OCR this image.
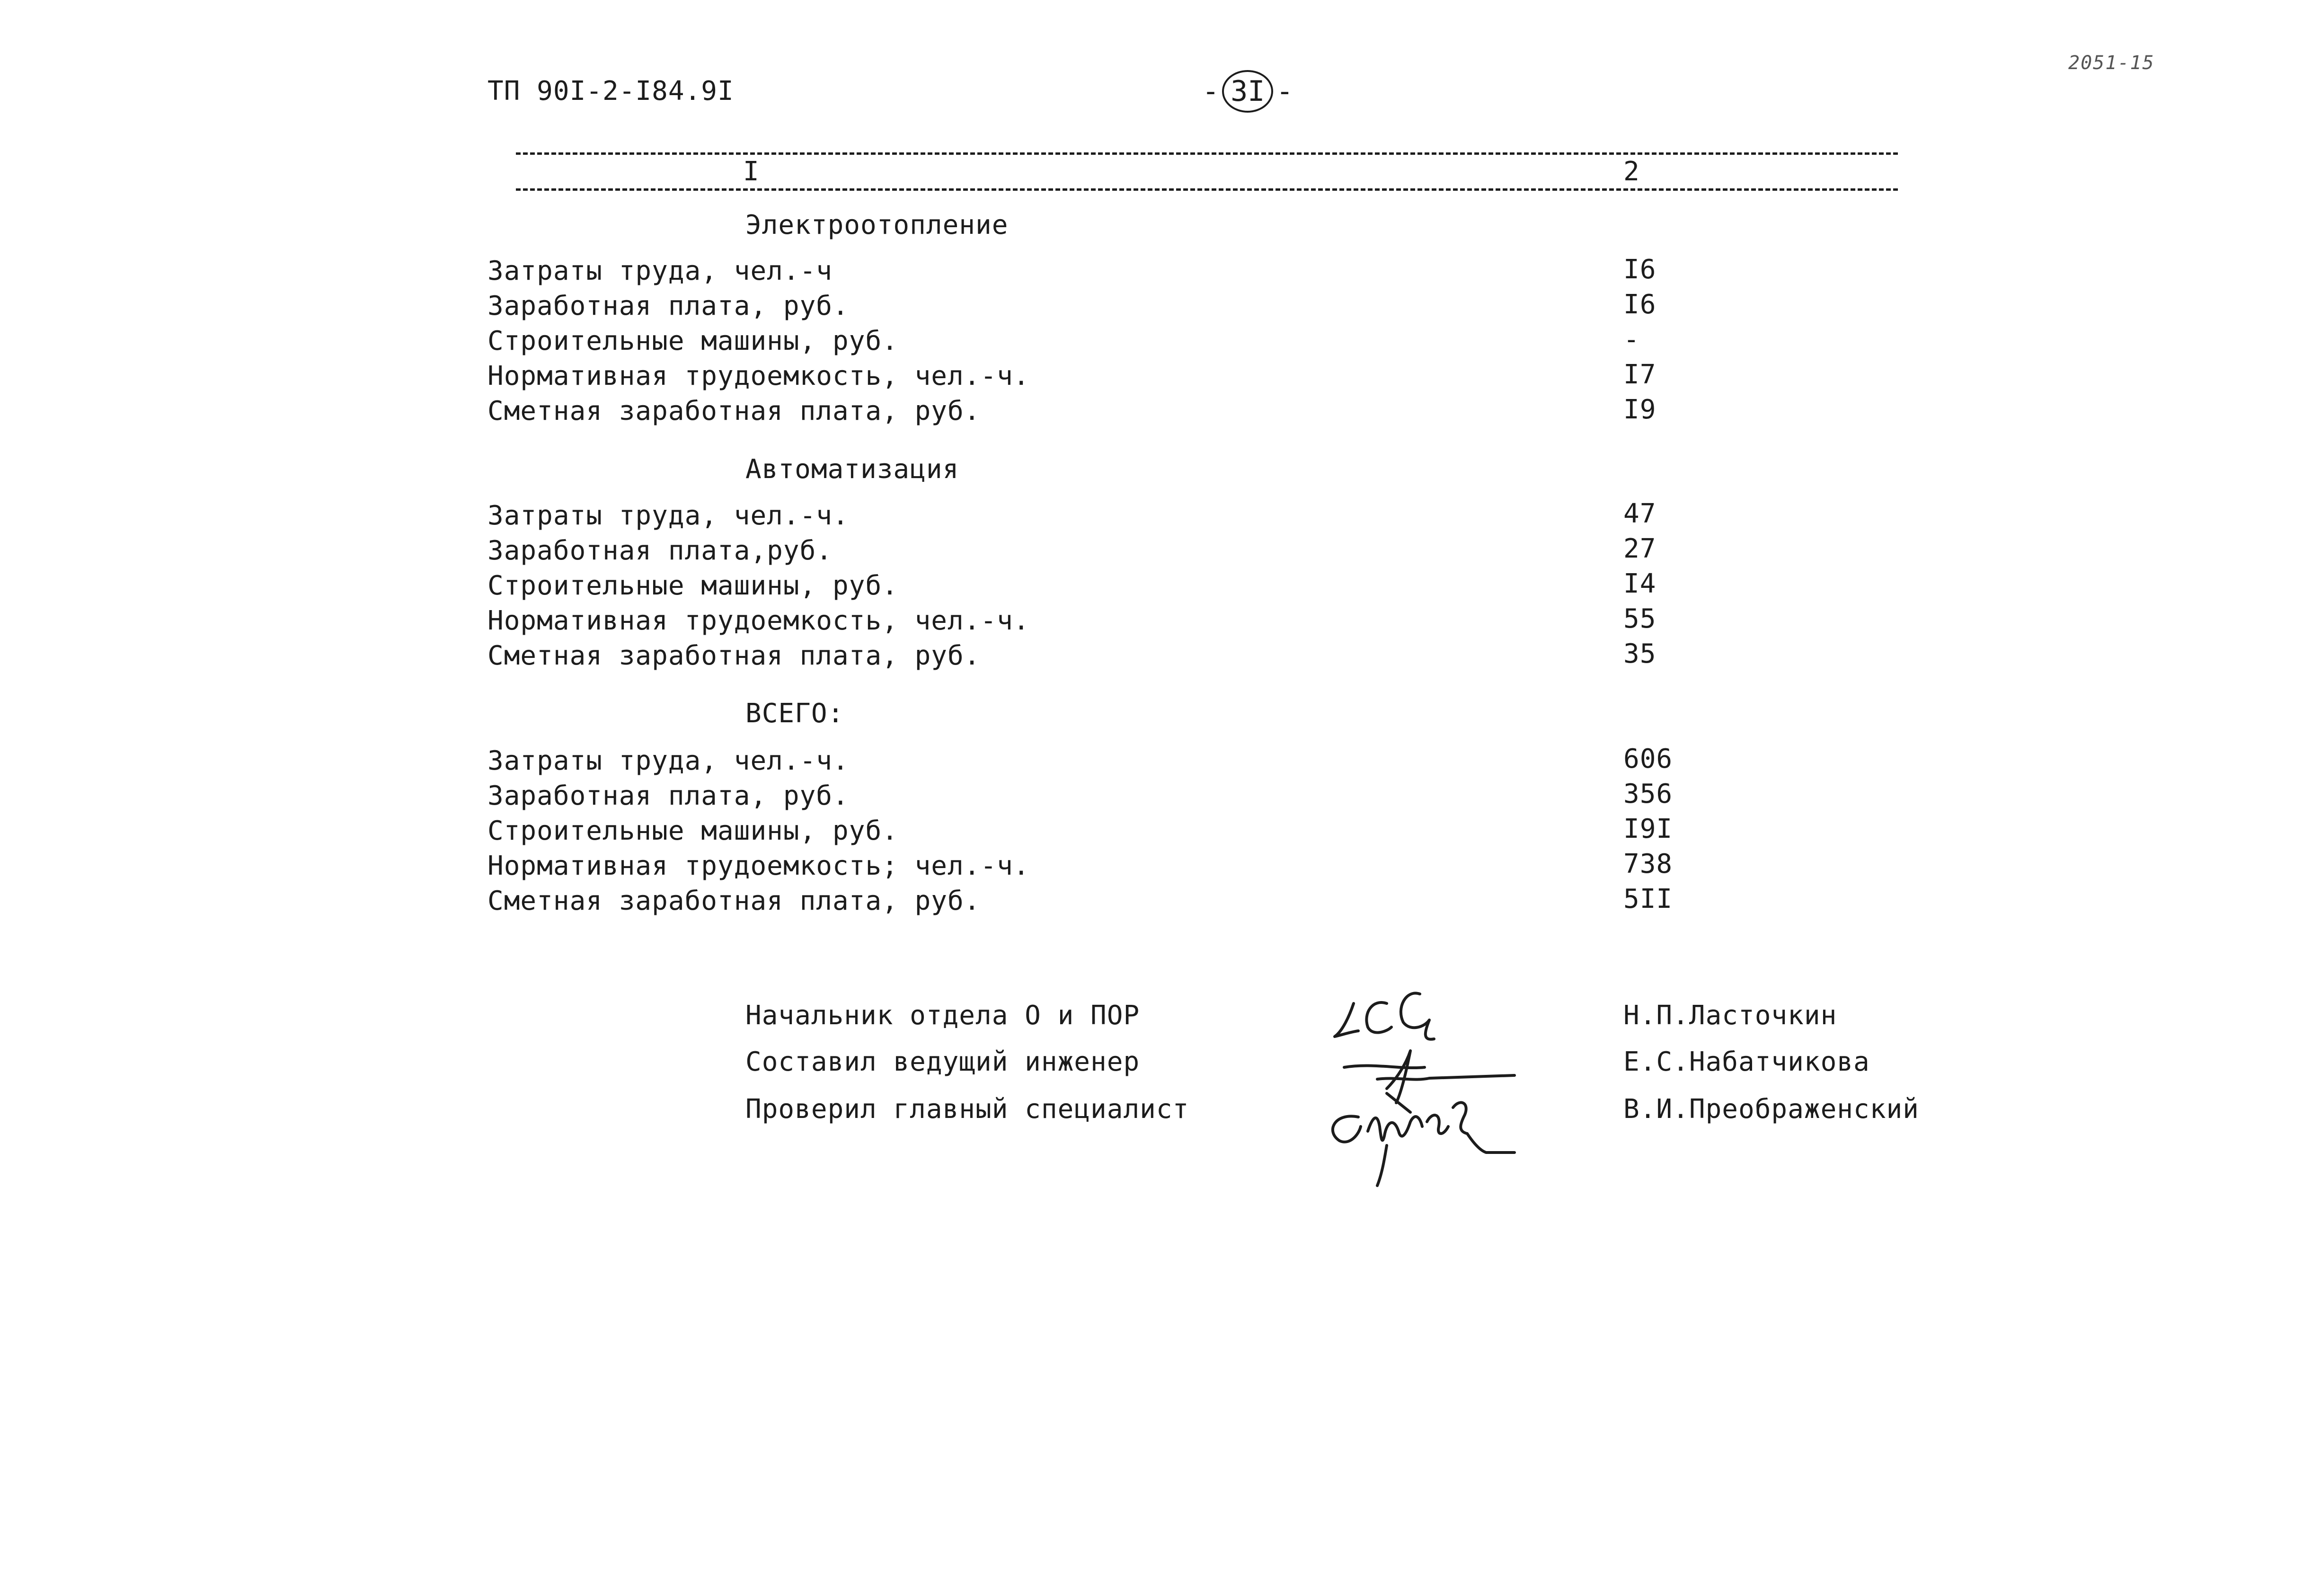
ТП 90I-2-I84.9I	- 3I -
2051-15
I	2
Электроотопление
Затраты труда, чел.-ч	I6
Заработная плата, руб.	I6
Строительные машины, руб.	-
Нормативная трудоемкость, чел.-ч.	I7
Сметная заработная плата, руб.	I9
Автоматизация
Затраты труда, чел.-ч.	47
Заработная плата,руб.	27
Строительные машины, руб.	I4
Нормативная трудоемкость, чел.-ч.	55
Сметная заработная плата, руб.	35
ВСЕГО:
Затраты труда, чел.-ч.	606
Заработная плата, руб.	356
Строительные машины, руб.	I9I
Нормативная трудоемкость; чел.-ч.	738
Сметная заработная плата, руб.	5II
Начальник отдела О и ПОР	Н.П.Ласточкин
Составил ведущий инженер	Е.С.Набатчикова
Проверил главный специалист	В.И.Преображенский
